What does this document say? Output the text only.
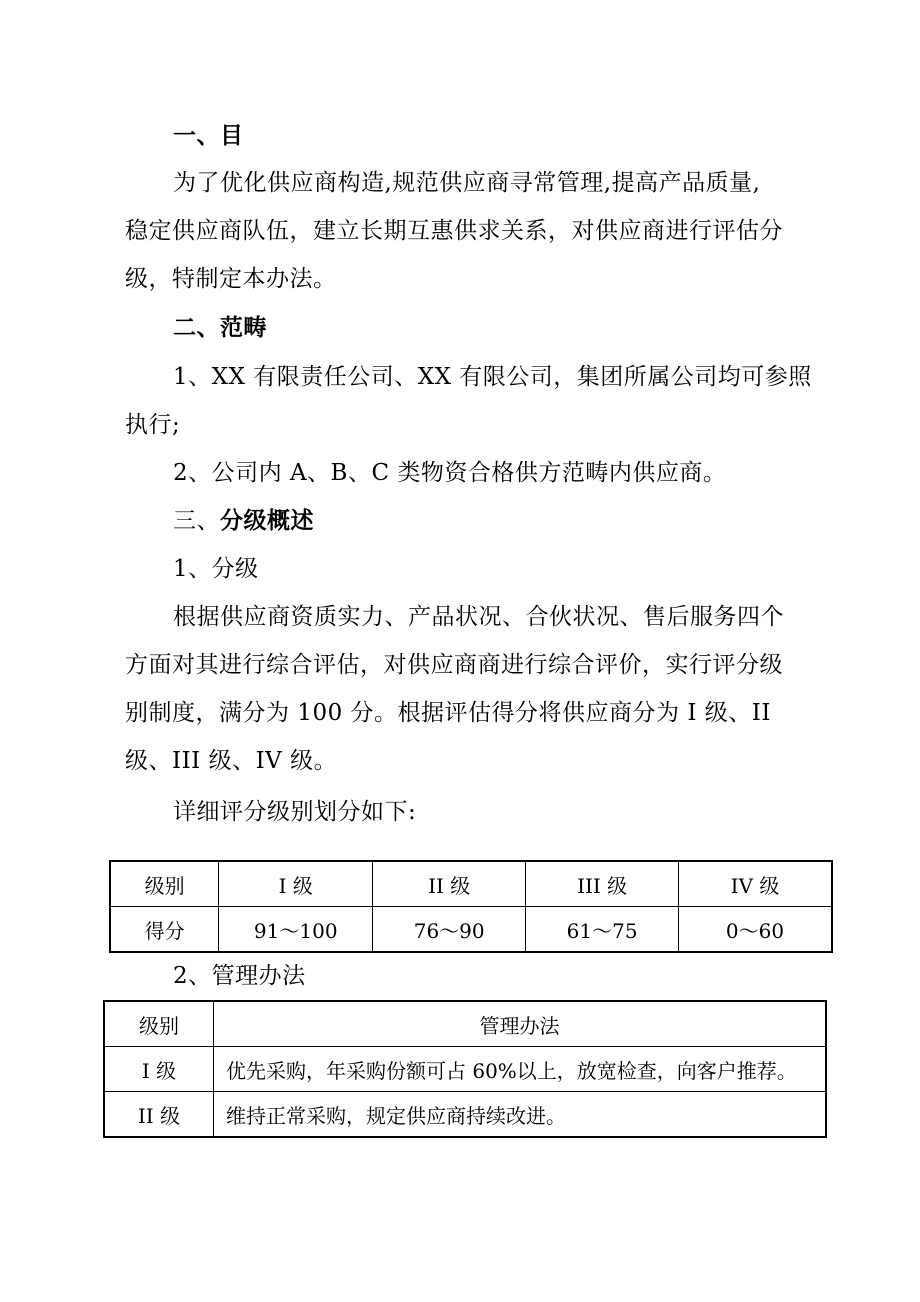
一、目
为了优化供应商构造,规范供应商寻常管理,提高产品质量,
稳定供应商队伍，建立长期互惠供求关系，对供应商进行评估分
级，特制定本办法。
二、范畴
1、XX 有限责任公司、XX 有限公司，集团所属公司均可参照
执行;
2、公司内 A、B、C 类物资合格供方范畴内供应商。
三、分级概述
1、分级
根据供应商资质实力、产品状况、合伙状况、售后服务四个
方面对其进行综合评估，对供应商商进行综合评价，实行评分级
别制度，满分为 100 分。根据评估得分将供应商分为 I 级、II
级、III 级、IV 级。
详细评分级别划分如下:
级别	I 级	II 级	III 级	IV 级
得分	91～100	76～90	61～75	0～60
2、管理办法
级别	管理办法
I 级	优先采购，年采购份额可占 60%以上，放宽检查，向客户推荐。
II 级	维持正常采购，规定供应商持续改进。
